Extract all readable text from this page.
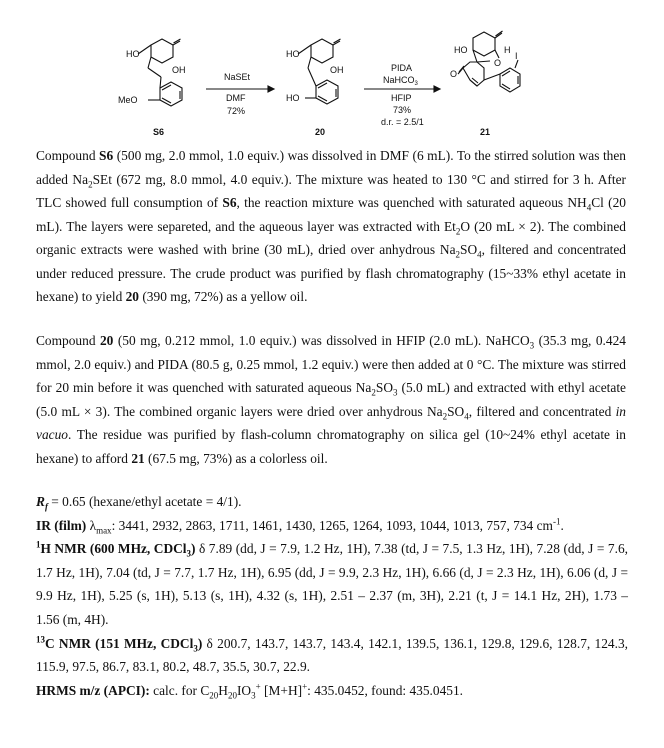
HO
OH
MeO
S6
NaSEt
DMF
72%
HO
OH
HO
20
PIDA
NaHCO$_3$
HFIP
73%
d.r. = 2.5/1
HO	H
O
O
I
21

Compound S6 (500 mg, 2.0 mmol, 1.0 equiv.) was dissolved in DMF (6 mL). To the stirred solution was then added $Na_2SEt$ (672 mg, 8.0 mmol, 4.0 equiv.). The mixture was heated to 130 °C and stirred for 3 h. After TLC showed full consumption of S6, the reaction mixture was quenched with saturated aqueous $NH_4Cl$ (20 mL). The layers were separeted, and the aqueous layer was extracted with $Et_2O$ (20 mL × 2). The combined organic extracts were washed with brine (30 mL), dried over anhydrous $Na_2SO_4$, filtered and concentrated under reduced pressure. The crude product was purified by flash chromatography (15~33% ethyl acetate in hexane) to yield 20 (390 mg, 72%) as a yellow oil.

Compound 20 (50 mg, 0.212 mmol, 1.0 equiv.) was dissolved in HFIP (2.0 mL). NaHCO$_3$ (35.3 mg, 0.424 mmol, 2.0 equiv.) and PIDA (80.5 g, 0.25 mmol, 1.2 equiv.) were then added at 0 °C. The mixture was stirred for 20 min before it was quenched with saturated aqueous $Na_2SO_3$ (5.0 mL) and extracted with ethyl acetate (5.0 mL × 3). The combined organic layers were dried over anhydrous $Na_2SO_4$, filtered and concentrated in vacuo. The residue was purified by flash-column chromatography on silica gel (10~24% ethyl acetate in hexane) to afford 21 (67.5 mg, 73%) as a colorless oil.

$R_f = 0.65$ (hexane/ethyl acetate = 4/1).

IR (film) $\lambda_{max}$: 3441, 2932, 2863, 1711, 1461, 1430, 1265, 1264, 1093, 1044, 1013, 757, 734 $cm^{-1}$.

$^1$H NMR (600 MHz, CDCl$_3$) δ 7.89 (dd, J = 7.9, 1.2 Hz, 1H), 7.38 (td, J = 7.5, 1.3 Hz, 1H), 7.28 (dd, J = 7.6, 1.7 Hz, 1H), 7.04 (td, J = 7.7, 1.7 Hz, 1H), 6.95 (dd, J = 9.9, 2.3 Hz, 1H), 6.66 (d, J = 2.3 Hz, 1H), 6.06 (d, J = 9.9 Hz, 1H), 5.25 (s, 1H), 5.13 (s, 1H), 4.32 (s, 1H), 2.51 – 2.37 (m, 3H), 2.21 (t, J = 14.1 Hz, 2H), 1.73 – 1.56 (m, 4H).

$^{13}$C NMR (151 MHz, CDCl$_3$) δ 200.7, 143.7, 143.7, 143.4, 142.1, 139.5, 136.1, 129.8, 129.6, 128.7, 124.3, 115.9, 97.5, 86.7, 83.1, 80.2, 48.7, 35.5, 30.7, 22.9.

HRMS m/z (APCI): calc. for $C_{20}H_{20}IO_3^+$ [M+H]+: 435.0452, found: 435.0451.
